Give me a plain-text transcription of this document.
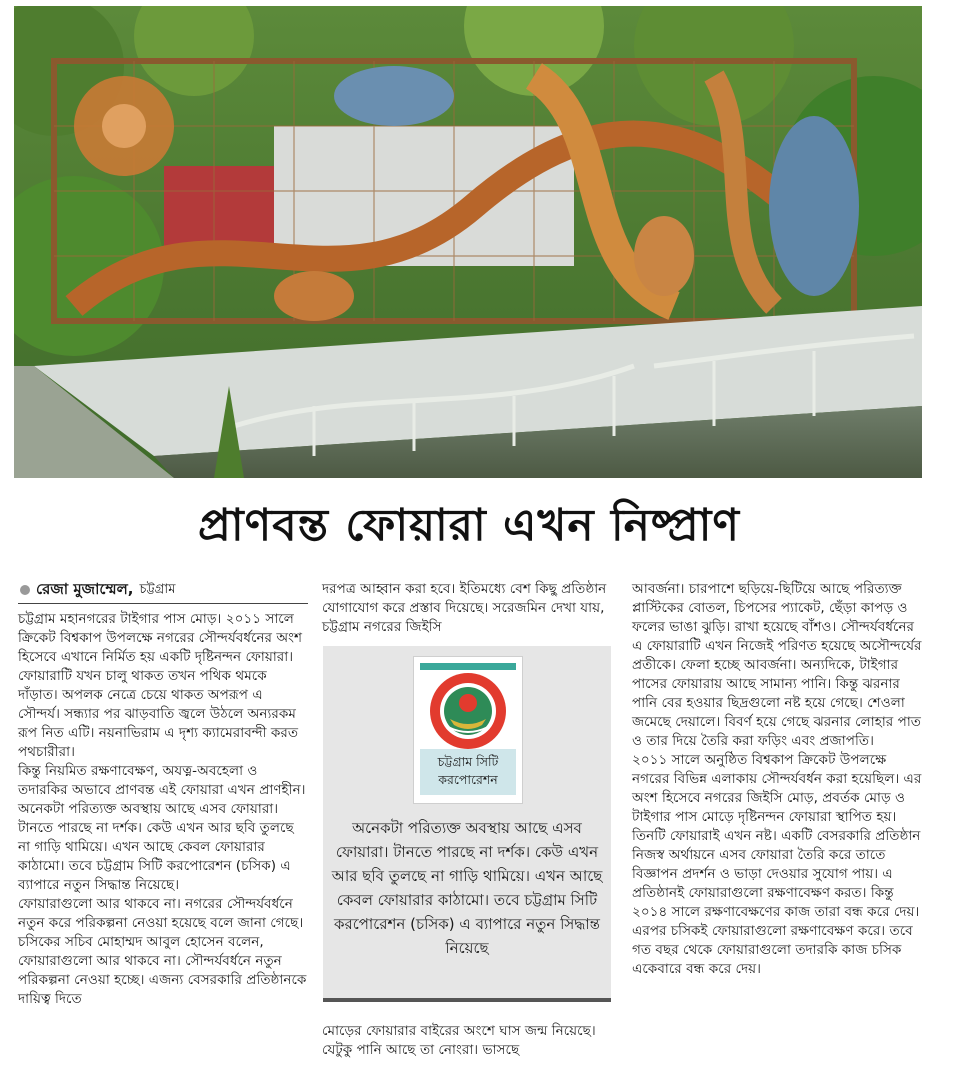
প্রাণবন্ত ফোয়ারা এখন নিষ্প্রাণ
রেজা মুজাম্মেল, চট্টগ্রাম

চট্টগ্রাম মহানগরের টাইগার পাস মোড়। ২০১১ সালে ক্রিকেট বিশ্বকাপ উপলক্ষে নগরের সৌন্দর্যবর্ধনের অংশ হিসেবে এখানে নির্মিত হয় একটি দৃষ্টিনন্দন ফোয়ারা। ফোয়ারাটি যখন চালু থাকত তখন পথিক থমকে দাঁড়াত। অপলক নেত্রে চেয়ে থাকত অপরূপ এ সৌন্দর্য। সন্ধ্যার পর ঝাড়বাতি জ্বলে উঠলে অন্যরকম রূপ নিত এটি। নয়নাভিরাম এ দৃশ্য ক্যামেরাবন্দী করত পথচারীরা।

কিন্তু নিয়মিত রক্ষণাবেক্ষণ, অযত্ন-অবহেলা ও তদারকির অভাবে প্রাণবন্ত এই ফোয়ারা এখন প্রাণহীন। অনেকটা পরিত্যক্ত অবস্থায় আছে এসব ফোয়ারা। টানতে পারছে না দর্শক। কেউ এখন আর ছবি তুলছে না গাড়ি থামিয়ে। এখন আছে কেবল ফোয়ারার কাঠামো। তবে চট্টগ্রাম সিটি করপোরেশন (চসিক) এ ব্যাপারে নতুন সিদ্ধান্ত নিয়েছে।

ফোয়ারাগুলো আর থাকবে না। নগরের সৌন্দর্যবর্ধনে নতুন করে পরিকল্পনা নেওয়া হয়েছে বলে জানা গেছে। চসিকের সচিব মোহাম্মদ আবুল হোসেন বলেন, ফোয়ারাগুলো আর থাকবে না। সৌন্দর্যবর্ধনে নতুন পরিকল্পনা নেওয়া হচ্ছে। এজন্য বেসরকারি প্রতিষ্ঠানকে দায়িত্ব দিতে

দরপত্র আহ্বান করা হবে। ইতিমধ্যে বেশ কিছু প্রতিষ্ঠান যোগাযোগ করে প্রস্তাব দিয়েছে। সরেজমিন দেখা যায়, চট্টগ্রাম নগরের জিইসি

চট্টগ্রাম সিটি করপোরেশন
অনেকটা পরিত্যক্ত অবস্থায় আছে এসব ফোয়ারা। টানতে পারছে না দর্শক। কেউ এখন আর ছবি তুলছে না গাড়ি থামিয়ে। এখন আছে কেবল ফোয়ারার কাঠামো। তবে চট্টগ্রাম সিটি করপোরেশন (চসিক) এ ব্যাপারে নতুন সিদ্ধান্ত নিয়েছে

মোড়ের ফোয়ারার বাইরের অংশে ঘাস জন্ম নিয়েছে। যেটুকু পানি আছে তা নোংরা। ভাসছে

আবর্জনা। চারপাশে ছড়িয়ে-ছিটিয়ে আছে পরিত্যক্ত প্লাস্টিকের বোতল, চিপসের প্যাকেট, ছেঁড়া কাপড় ও ফলের ভাঙা ঝুড়ি। রাখা হয়েছে বাঁশও। সৌন্দর্যবর্ধনের এ ফোয়ারাটি এখন নিজেই পরিণত হয়েছে অসৌন্দর্যের প্রতীকে। ফেলা হচ্ছে আবর্জনা। অন্যদিকে, টাইগার পাসের ফোয়ারায় আছে সামান্য পানি। কিন্তু ঝরনার পানি বের হওয়ার ছিদ্রগুলো নষ্ট হয়ে গেছে। শেওলা জমেছে দেয়ালে। বিবর্ণ হয়ে গেছে ঝরনার লোহার পাত ও তার দিয়ে তৈরি করা ফড়িং এবং প্রজাপতি।

২০১১ সালে অনুষ্ঠিত বিশ্বকাপ ক্রিকেট উপলক্ষে নগরের বিভিন্ন এলাকায় সৌন্দর্যবর্ধন করা হয়েছিল। এর অংশ হিসেবে নগরের জিইসি মোড়, প্রবর্তক মোড় ও টাইগার পাস মোড়ে দৃষ্টিনন্দন ফোয়ারা স্থাপিত হয়। তিনটি ফোয়ারাই এখন নষ্ট। একটি বেসরকারি প্রতিষ্ঠান নিজস্ব অর্থায়নে এসব ফোয়ারা তৈরি করে তাতে বিজ্ঞাপন প্রদর্শন ও ভাড়া দেওয়ার সুযোগ পায়। এ প্রতিষ্ঠানই ফোয়ারাগুলো রক্ষণাবেক্ষণ করত। কিন্তু ২০১৪ সালে রক্ষণাবেক্ষণের কাজ তারা বন্ধ করে দেয়। এরপর চসিকই ফোয়ারাগুলো রক্ষণাবেক্ষণ করে। তবে গত বছর থেকে ফোয়ারাগুলো তদারকি কাজ চসিক একেবারে বন্ধ করে দেয়।
